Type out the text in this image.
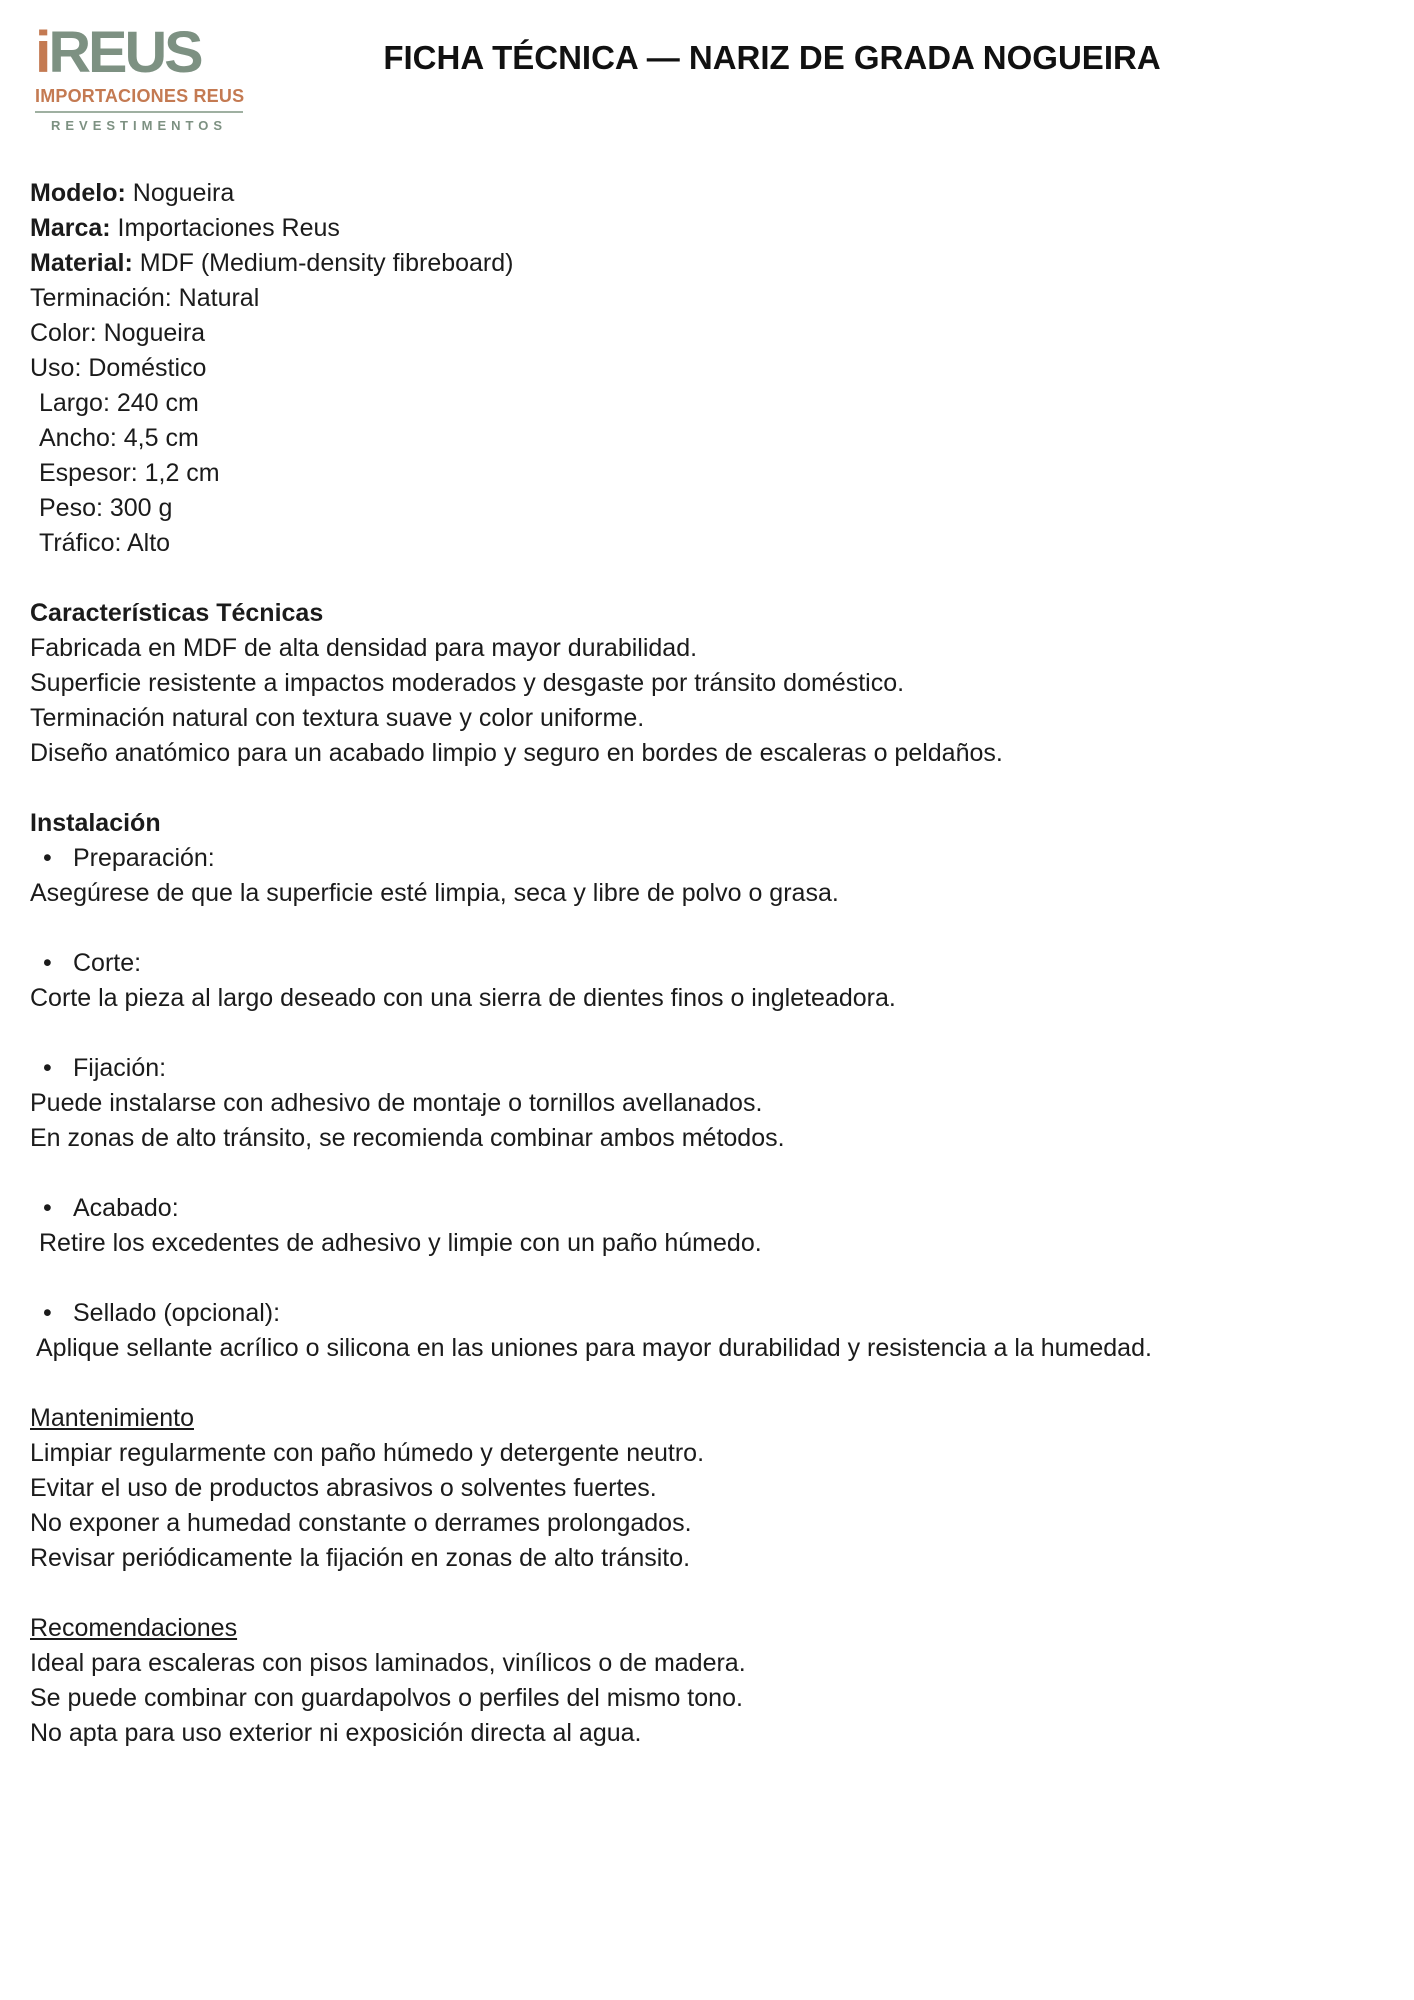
iREUS
IMPORTACIONES REUS
REVESTIMENTOS
FICHA TÉCNICA — NARIZ DE GRADA NOGUEIRA
Modelo: Nogueira
Marca: Importaciones Reus
Material: MDF (Medium-density fibreboard)
Terminación: Natural
Color: Nogueira
Uso: Doméstico
Largo: 240 cm
Ancho: 4,5 cm
Espesor: 1,2 cm
Peso: 300 g
Tráfico: Alto
Características Técnicas
Fabricada en MDF de alta densidad para mayor durabilidad.
Superficie resistente a impactos moderados y desgaste por tránsito doméstico.
Terminación natural con textura suave y color uniforme.
Diseño anatómico para un acabado limpio y seguro en bordes de escaleras o peldaños.
Instalación
•Preparación:
Asegúrese de que la superficie esté limpia, seca y libre de polvo o grasa.
•Corte:
Corte la pieza al largo deseado con una sierra de dientes finos o ingleteadora.
•Fijación:
Puede instalarse con adhesivo de montaje o tornillos avellanados.
En zonas de alto tránsito, se recomienda combinar ambos métodos.
•Acabado:
Retire los excedentes de adhesivo y limpie con un paño húmedo.
•Sellado (opcional):
Aplique sellante acrílico o silicona en las uniones para mayor durabilidad y resistencia a la humedad.
Mantenimiento
Limpiar regularmente con paño húmedo y detergente neutro.
Evitar el uso de productos abrasivos o solventes fuertes.
No exponer a humedad constante o derrames prolongados.
Revisar periódicamente la fijación en zonas de alto tránsito.
Recomendaciones
Ideal para escaleras con pisos laminados, vinílicos o de madera.
Se puede combinar con guardapolvos o perfiles del mismo tono.
No apta para uso exterior ni exposición directa al agua.
